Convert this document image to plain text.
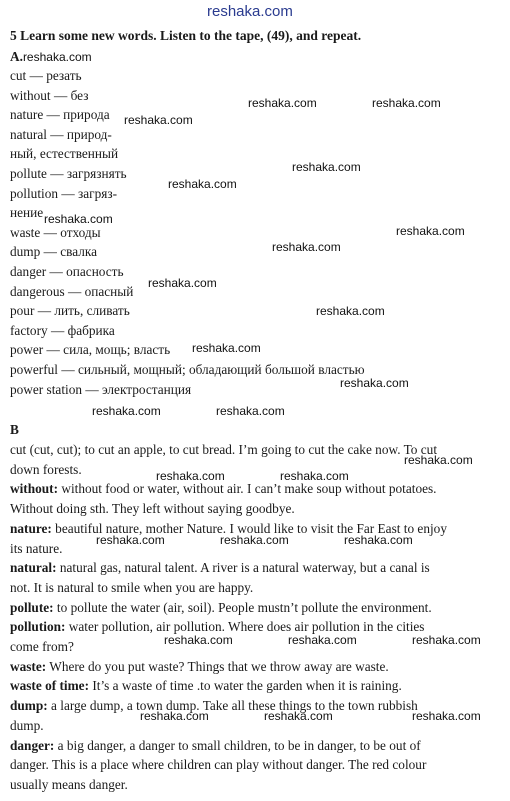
reshaka.com
5 Learn some new words. Listen to the tape, (49), and repeat.
A.reshaka.com
cut — резать
without — без
nature — природа
natural — природ-
ный, естественный
pollute — загрязнять
pollution — загряз-
нение
waste — отходы
dump — свалка
danger — опасность
dangerous — опасный
pour — лить, сливать
factory — фабрика
power — сила, мощь; власть
powerful — сильный, мощный; обладающий большой властью
power station — электростанция
B
cut (cut, cut); to cut an apple, to cut bread. I’m going to cut the cake now. To cut
down forests.
without: without food or water, without air. I can’t make soup without potatoes.
Without doing sth. They left without saying goodbye.
nature: beautiful nature, mother Nature. I would like to visit the Far East to enjoy
its nature.
natural: natural gas, natural talent. A river is a natural waterway, but a canal is
not. It is natural to smile when you are happy.
pollute: to pollute the water (air, soil). People mustn’t pollute the environment.
pollution: water pollution, air pollution. Where does air pollution in the cities
come from?
waste: Where do you put waste? Things that we throw away are waste.
waste of time: It’s a waste of time .to water the garden when it is raining.
dump: a large dump, a town dump. Take all these things to the town rubbish
dump.
danger: a big danger, a danger to small children, to be in danger, to be out of
danger. This is a place where children can play without danger. The red colour
usually means danger.
reshaka.com	reshaka.com
reshaka.com
reshaka.com
reshaka.com
reshaka.com
reshaka.com
reshaka.com
reshaka.com
reshaka.com
reshaka.com
reshaka.com
reshaka.com	reshaka.com
reshaka.com
reshaka.com	reshaka.com
reshaka.com	reshaka.com	reshaka.com
reshaka.com	reshaka.com	reshaka.com
reshaka.com	reshaka.com	reshaka.com
